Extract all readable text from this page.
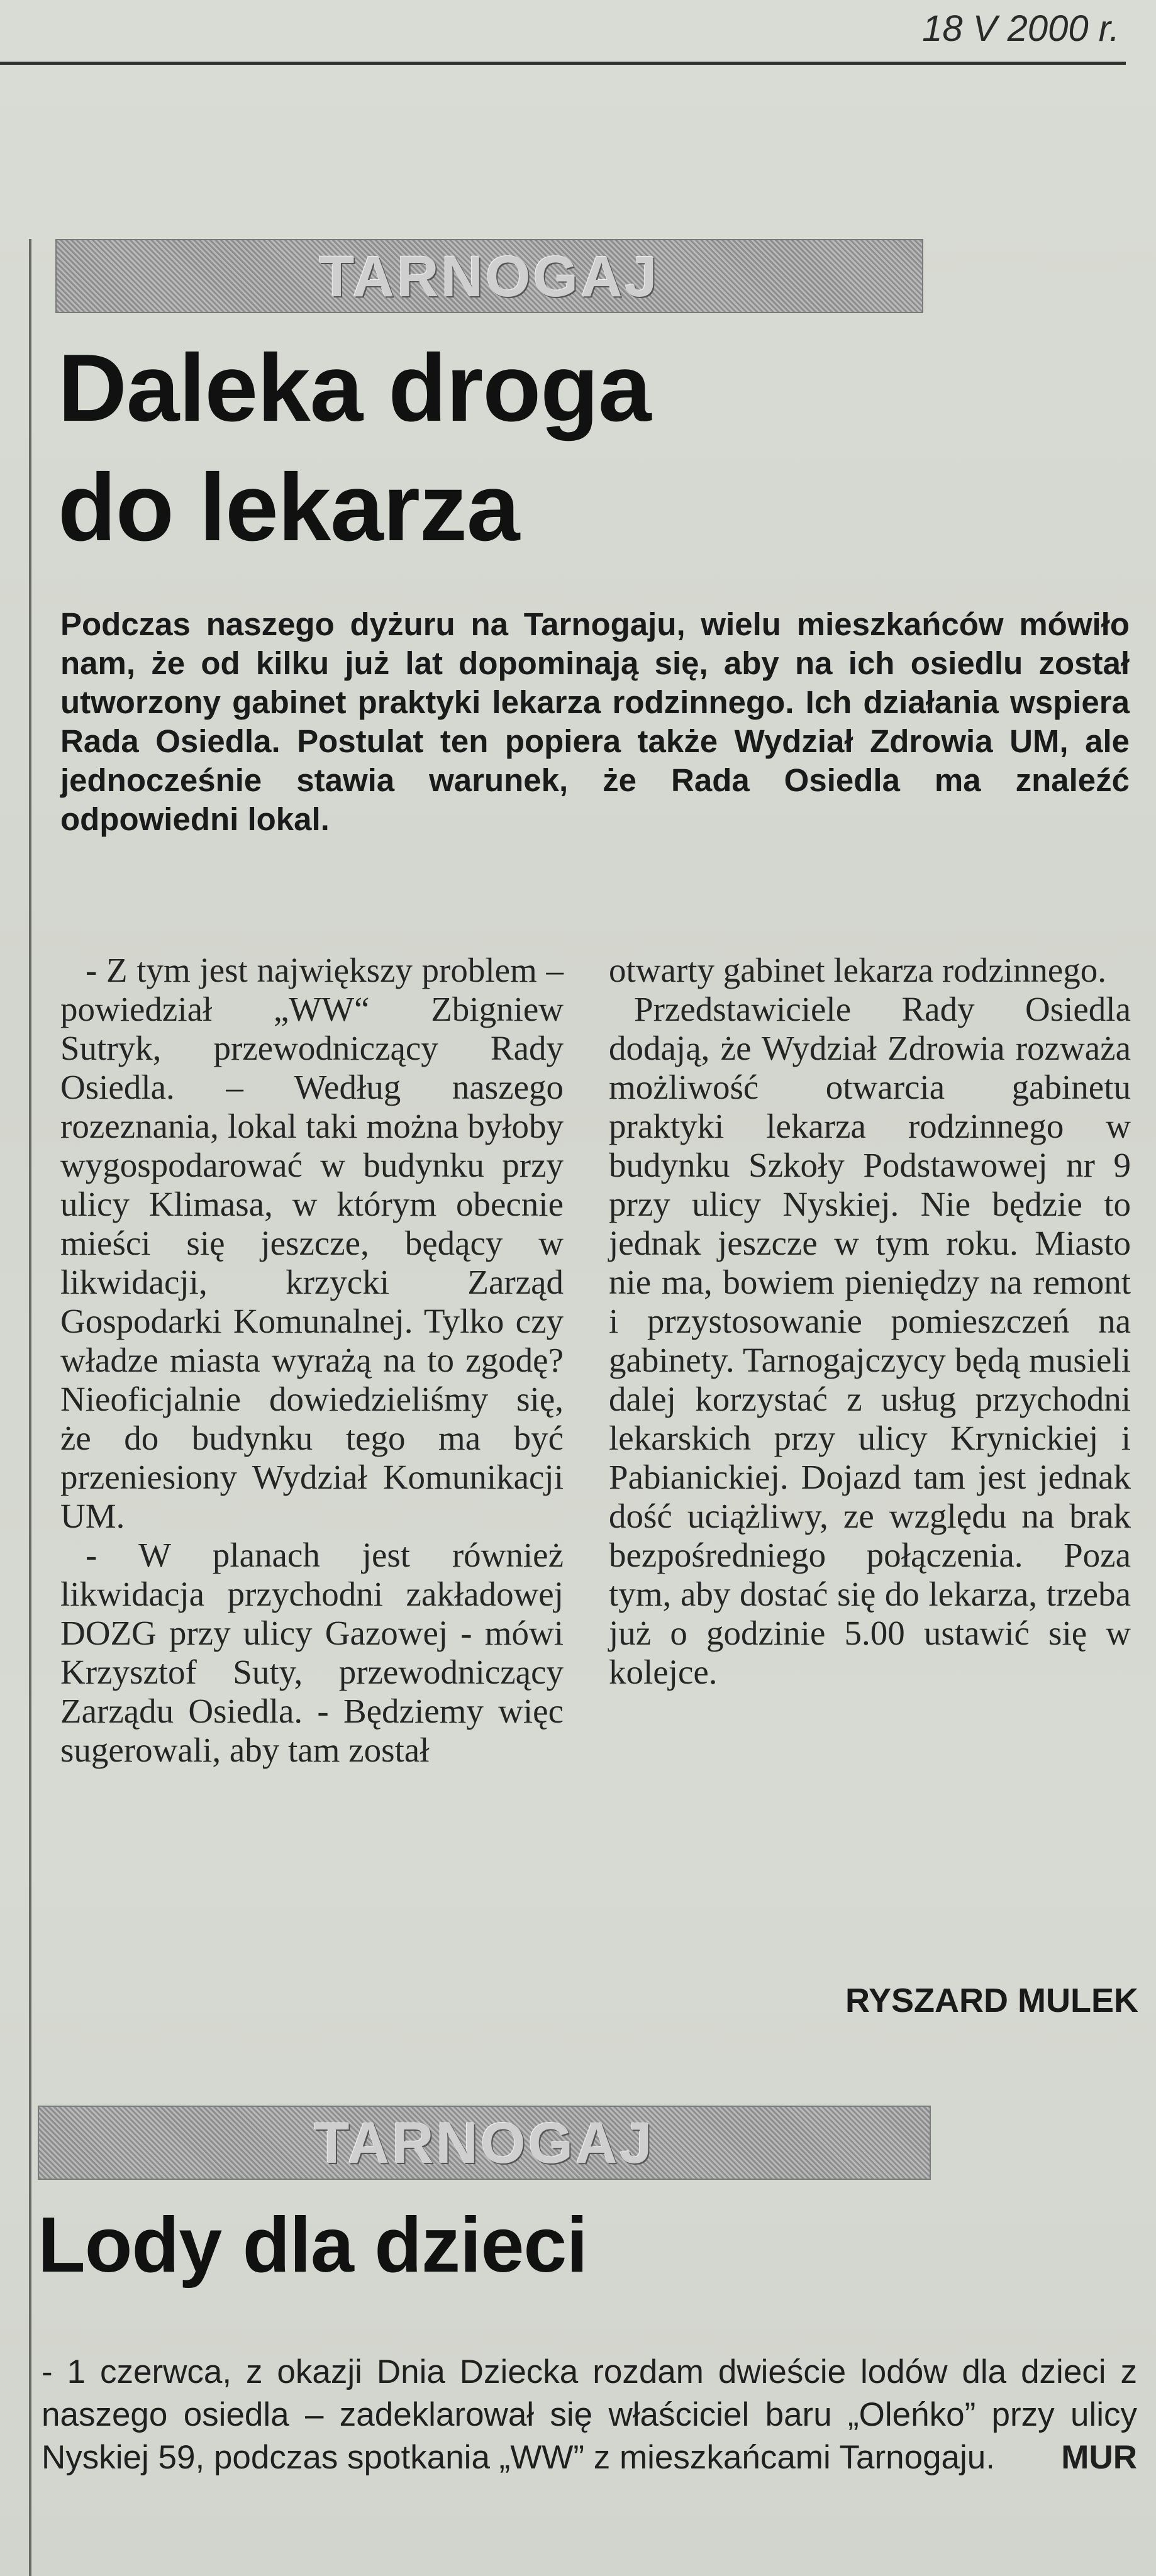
18 V 2000 r.
TARNOGAJ
Daleka droga
do lekarza
Podczas naszego dyżuru na Tarnogaju, wielu mieszkańców mówiło nam, że od kilku już lat dopominają się, aby na ich osiedlu został utworzony gabinet praktyki lekarza rodzinnego. Ich działania wspiera Rada Osiedla. Postulat ten popiera także Wydział Zdrowia UM, ale jednocześnie stawia warunek, że Rada Osiedla ma znaleźć odpowiedni lokal.

- Z tym jest największy problem – powiedział „WW“ Zbigniew Sutryk, przewodniczący Rady Osiedla. – Według naszego rozeznania, lokal taki można byłoby wygospodarować w budynku przy ulicy Klimasa, w którym obecnie mieści się jeszcze, będący w likwidacji, krzycki Zarząd Gospodarki Komunalnej. Tylko czy władze miasta wyrażą na to zgodę? Nieoficjalnie dowiedzieliśmy się, że do budynku tego ma być przeniesiony Wydział Komunikacji UM.

- W planach jest również likwidacja przychodni zakładowej DOZG przy ulicy Gazowej - mówi Krzysztof Suty, przewodniczący Zarządu Osiedla. - Będziemy więc sugerowali, aby tam został

otwarty gabinet lekarza rodzinnego.

Przedstawiciele Rady Osiedla dodają, że Wydział Zdrowia rozważa możliwość otwarcia gabinetu praktyki lekarza rodzinnego w budynku Szkoły Podstawowej nr 9 przy ulicy Nyskiej. Nie będzie to jednak jeszcze w tym roku. Miasto nie ma, bowiem pieniędzy na remont i przystosowanie pomieszczeń na gabinety. Tarnogajczycy będą musieli dalej korzystać z usług przychodni lekarskich przy ulicy Krynickiej i Pabianickiej. Dojazd tam jest jednak dość uciążliwy, ze względu na brak bezpośredniego połączenia. Poza tym, aby dostać się do lekarza, trzeba już o godzinie 5.00 ustawić się w kolejce.

RYSZARD MULEK
TARNOGAJ
Lody dla dzieci
- 1 czerwca, z okazji Dnia Dziecka rozdam dwieście lodów dla dzieci z naszego osiedla – zadeklarował się właściciel baru „Oleńko” przy ulicy Nyskiej 59, podczas spotkania „WW” z mieszkańcami Tarnogaju. MUR
